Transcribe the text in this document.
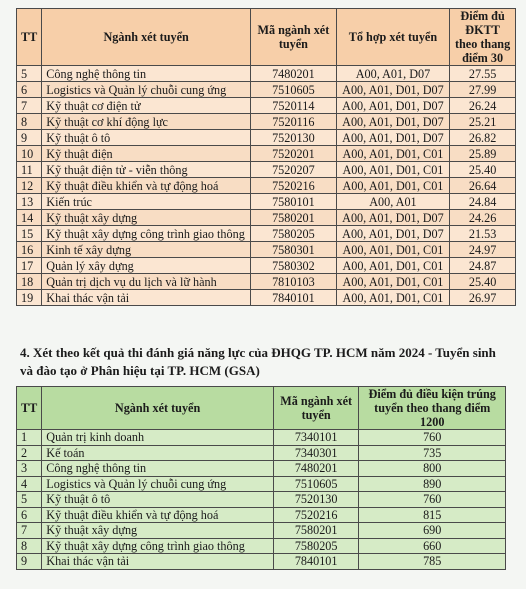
TT	Ngành xét tuyển	Mã ngành xét tuyển	Tổ hợp xét tuyển	Điểm đủ ĐKTT theo thang điểm 30
5	Công nghệ thông tin	7480201	A00, A01, D07	27.55
6	Logistics và Quản lý chuỗi cung ứng	7510605	A00, A01, D01, D07	27.99
7	Kỹ thuật cơ điện tử	7520114	A00, A01, D01, D07	26.24
8	Kỹ thuật cơ khí động lực	7520116	A00, A01, D01, D07	25.21
9	Kỹ thuật ô tô	7520130	A00, A01, D01, D07	26.82
10	Kỹ thuật điện	7520201	A00, A01, D01, C01	25.89
11	Kỹ thuật điện tử - viễn thông	7520207	A00, A01, D01, C01	25.40
12	Kỹ thuật điều khiển và tự động hoá	7520216	A00, A01, D01, C01	26.64
13	Kiến trúc	7580101	A00, A01	24.84
14	Kỹ thuật xây dựng	7580201	A00, A01, D01, D07	24.26
15	Kỹ thuật xây dựng công trình giao thông	7580205	A00, A01, D01, D07	21.53
16	Kinh tế xây dựng	7580301	A00, A01, D01, C01	24.97
17	Quản lý xây dựng	7580302	A00, A01, D01, C01	24.87
18	Quản trị dịch vụ du lịch và lữ hành	7810103	A00, A01, D01, C01	25.40
19	Khai thác vận tải	7840101	A00, A01, D01, C01	26.97
4. Xét theo kết quả thi đánh giá năng lực của ĐHQG TP. HCM năm 2024 - Tuyển sinh và đào tạo ở Phân hiệu tại TP. HCM (GSA)
TT	Ngành xét tuyển	Mã ngành xét tuyển	Điểm đủ điều kiện trúng tuyển theo thang điểm 1200
1	Quản trị kinh doanh	7340101	760
2	Kế toán	7340301	735
3	Công nghệ thông tin	7480201	800
4	Logistics và Quản lý chuỗi cung ứng	7510605	890
5	Kỹ thuật ô tô	7520130	760
6	Kỹ thuật điều khiển và tự động hoá	7520216	815
7	Kỹ thuật xây dựng	7580201	690
8	Kỹ thuật xây dựng công trình giao thông	7580205	660
9	Khai thác vận tải	7840101	785
